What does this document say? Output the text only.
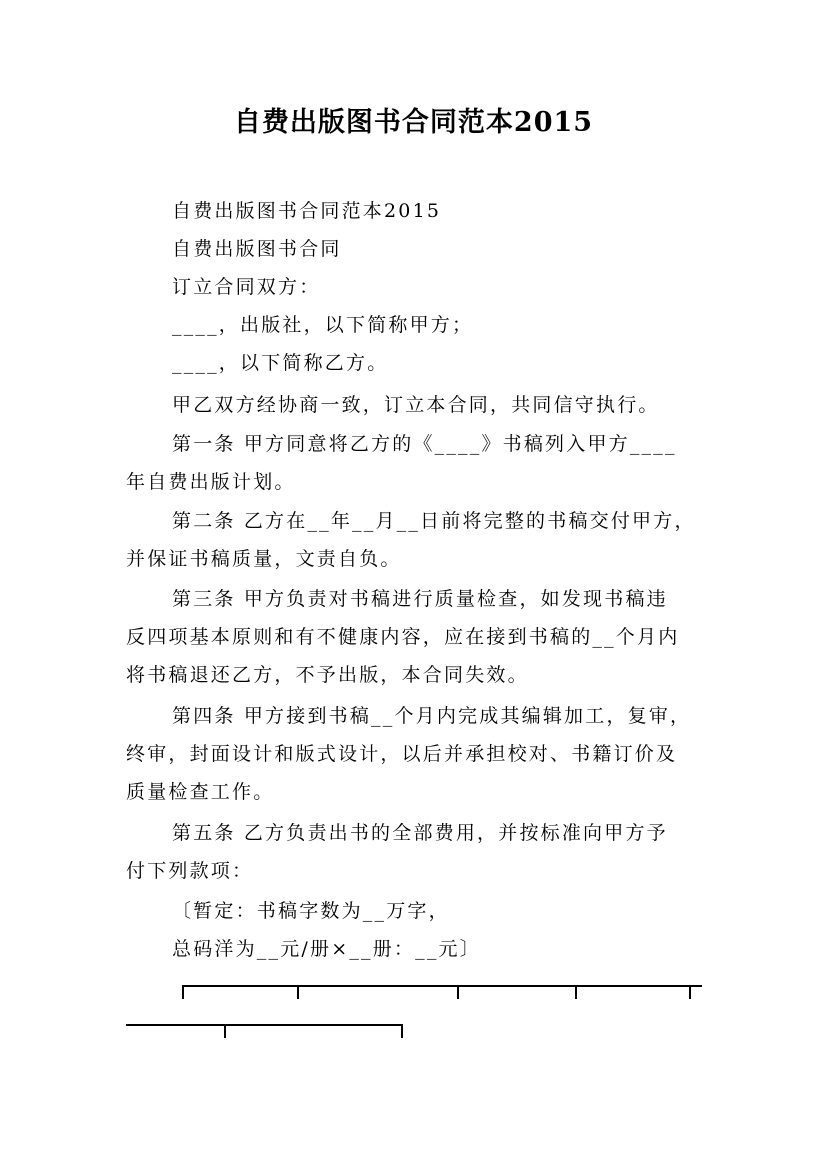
自费出版图书合同范本2015

自费出版图书合同范本2015

自费出版图书合同

订立合同双方：

____，出版社，以下简称甲方；

____，以下简称乙方。

甲乙双方经协商一致，订立本合同，共同信守执行。

第一条 甲方同意将乙方的《____》书稿列入甲方____
年自费出版计划。

第二条 乙方在__年__月__日前将完整的书稿交付甲方，
并保证书稿质量，文责自负。

第三条 甲方负责对书稿进行质量检查，如发现书稿违
反四项基本原则和有不健康内容，应在接到书稿的__个月内
将书稿退还乙方，不予出版，本合同失效。

第四条 甲方接到书稿__个月内完成其编辑加工，复审，
终审，封面设计和版式设计，以后并承担校对、书籍订价及
质量检查工作。

第五条 乙方负责出书的全部费用，并按标准向甲方予
付下列款项：

〔暂定：书稿字数为__万字，

总码洋为__元/册×__册：__元〕
